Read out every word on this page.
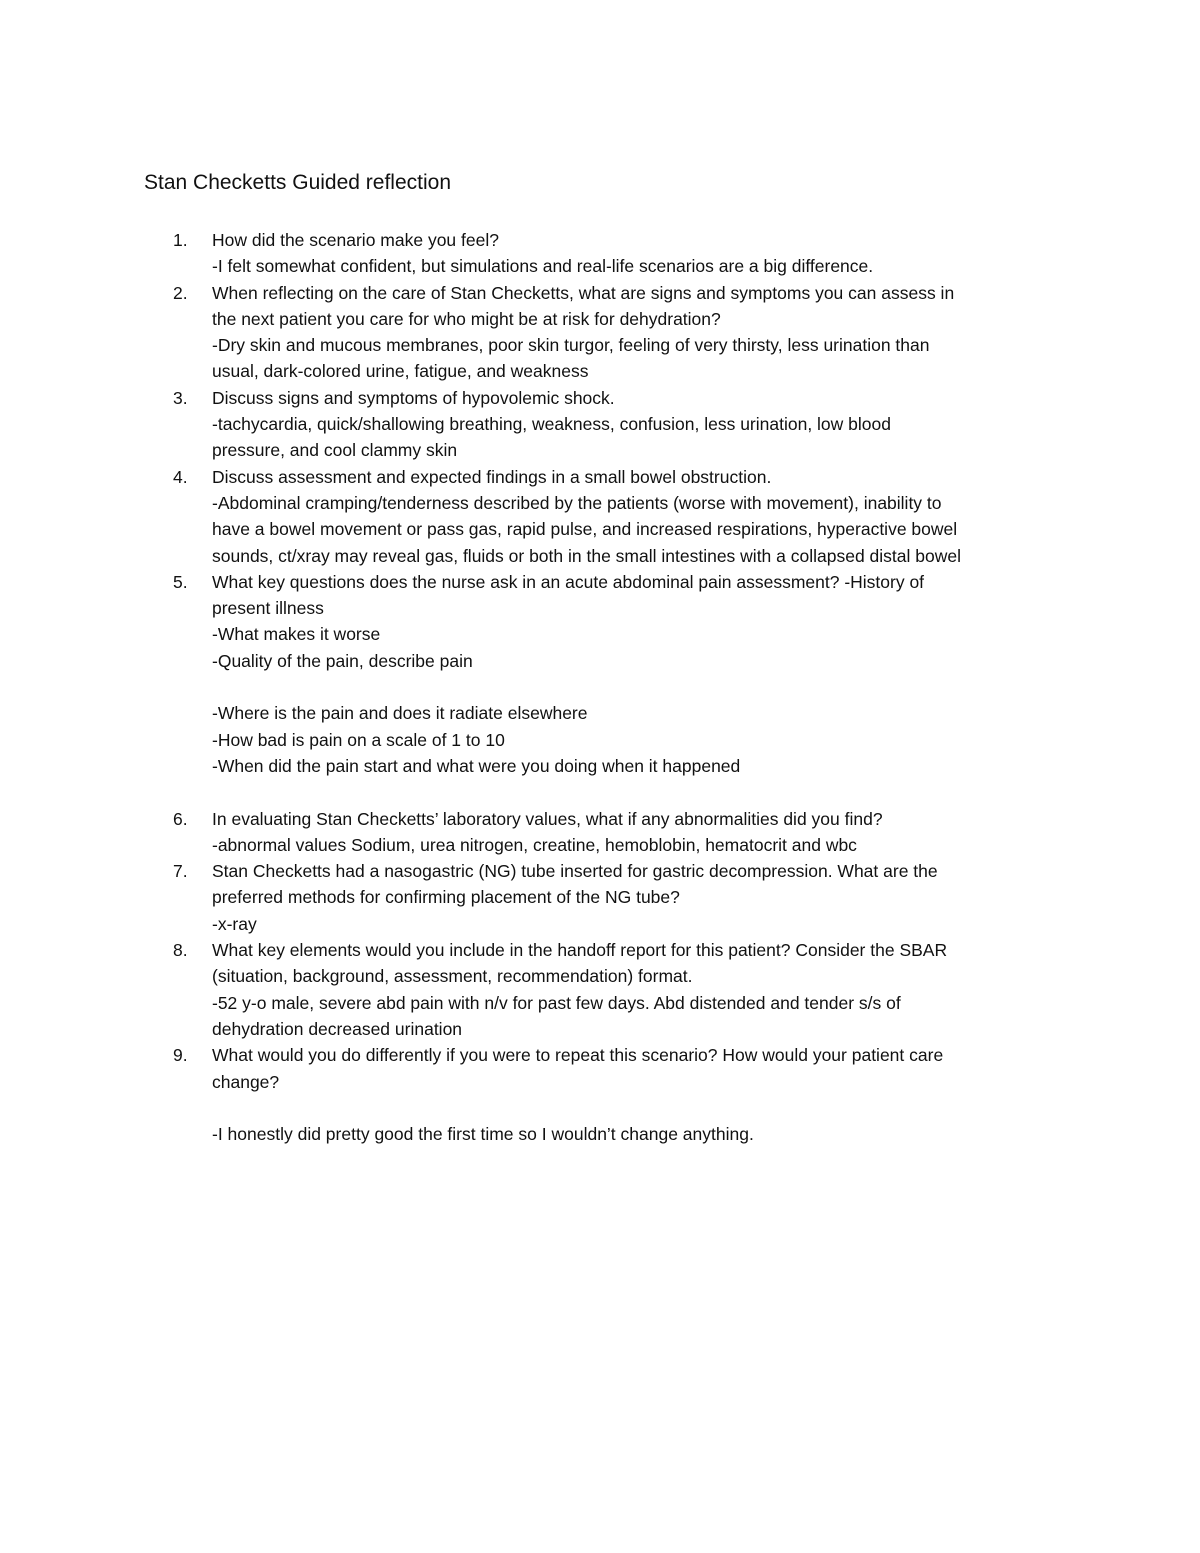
Stan Checketts Guided reflection
1.	How did the scenario make you feel?
-I felt somewhat confident, but simulations and real-life scenarios are a big difference.
2.	When reflecting on the care of Stan Checketts, what are signs and symptoms you can assess in
the next patient you care for who might be at risk for dehydration?
-Dry skin and mucous membranes, poor skin turgor, feeling of very thirsty, less urination than
usual, dark-colored urine, fatigue, and weakness
3.	Discuss signs and symptoms of hypovolemic shock.
-tachycardia, quick/shallowing breathing, weakness, confusion, less urination, low blood
pressure, and cool clammy skin
4.	Discuss assessment and expected findings in a small bowel obstruction.
-Abdominal cramping/tenderness described by the patients (worse with movement), inability to
have a bowel movement or pass gas, rapid pulse, and increased respirations, hyperactive bowel
sounds, ct/xray may reveal gas, fluids or both in the small intestines with a collapsed distal bowel
5.	What key questions does the nurse ask in an acute abdominal pain assessment? -History of
present illness
-What makes it worse
-Quality of the pain, describe pain
-Where is the pain and does it radiate elsewhere
-How bad is pain on a scale of 1 to 10
-When did the pain start and what were you doing when it happened
6.	In evaluating Stan Checketts’ laboratory values, what if any abnormalities did you find?
-abnormal values Sodium, urea nitrogen, creatine, hemoblobin, hematocrit and wbc
7.	Stan Checketts had a nasogastric (NG) tube inserted for gastric decompression. What are the
preferred methods for confirming placement of the NG tube?
-x-ray
8.	What key elements would you include in the handoff report for this patient? Consider the SBAR
(situation, background, assessment, recommendation) format.
-52 y-o male, severe abd pain with n/v for past few days. Abd distended and tender s/s of
dehydration decreased urination
9.	What would you do differently if you were to repeat this scenario? How would your patient care
change?
-I honestly did pretty good the first time so I wouldn’t change anything.
